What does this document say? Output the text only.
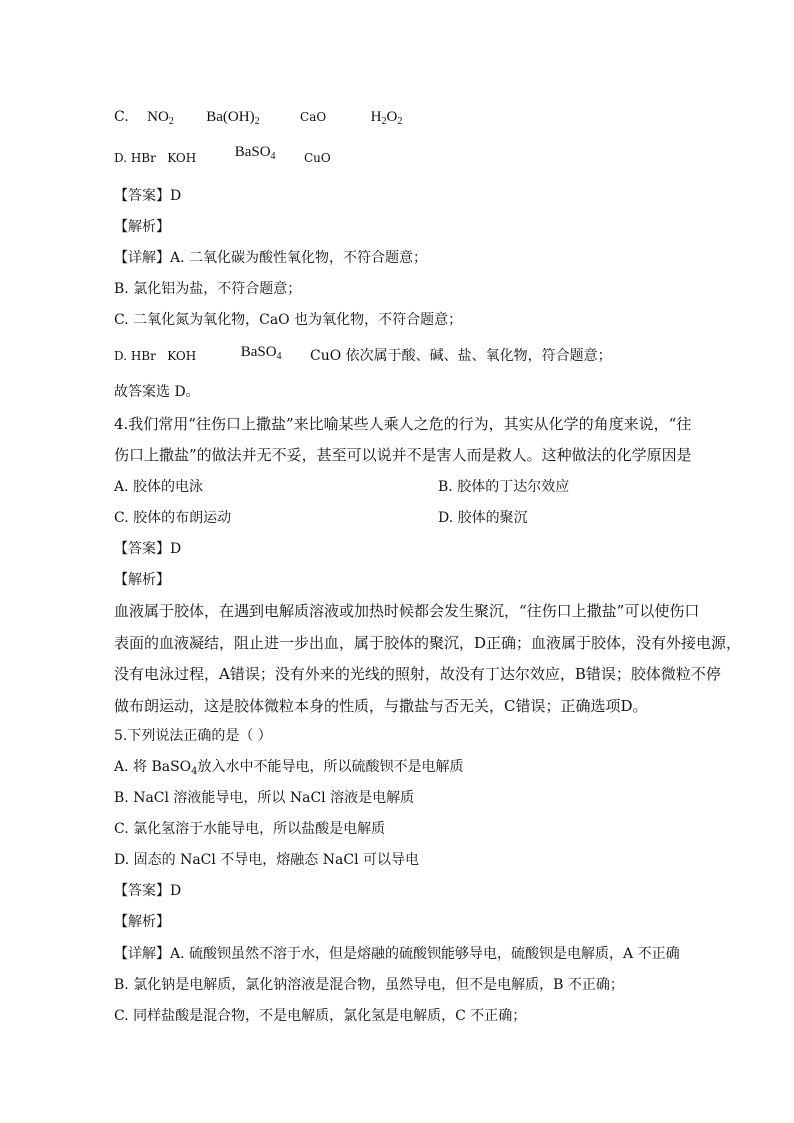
C. $NO_2$ $Ba(OH)_2$	CaO	$H_2O_2$
D. HBr   KOH	BaSO$_4$ CuO
【答案】D
【解析】
【详解】A. 二氧化碳为酸性氧化物，不符合题意；
B. 氯化铝为盐，不符合题意；
C. 二氧化氮为氧化物，CaO 也为氧化物，不符合题意；
D. HBr   KOH	BaSO$_4$ CuO 依次属于酸、碱、盐、氧化物，符合题意；
故答案选 D。
4.我们常用“往伤口上撒盐”来比喻某些人乘人之危的行为，其实从化学的角度来说，“往
伤口上撒盐”的做法并无不妥，甚至可以说并不是害人而是救人。这种做法的化学原因是
A. 胶体的电泳	B. 胶体的丁达尔效应
C. 胶体的布朗运动	D. 胶体的聚沉
【答案】D
【解析】
血液属于胶体，在遇到电解质溶液或加热时候都会发生聚沉，“往伤口上撒盐”可以使伤口
表面的血液凝结，阻止进一步出血，属于胶体的聚沉，D正确；血液属于胶体，没有外接电源，
没有电泳过程，A错误；没有外来的光线的照射，故没有丁达尔效应，B错误；胶体微粒不停
做布朗运动，这是胶体微粒本身的性质，与撒盐与否无关，C错误；正确选项D。
5.下列说法正确的是（ ）
A. 将 BaSO$_4$放入水中不能导电，所以硫酸钡不是电解质
B. NaCl 溶液能导电，所以 NaCl 溶液是电解质
C. 氯化氢溶于水能导电，所以盐酸是电解质
D. 固态的 NaCl 不导电，熔融态 NaCl 可以导电
【答案】D
【解析】
【详解】A. 硫酸钡虽然不溶于水，但是熔融的硫酸钡能够导电，硫酸钡是电解质，A 不正确
B. 氯化钠是电解质，氯化钠溶液是混合物，虽然导电，但不是电解质，B 不正确；
C. 同样盐酸是混合物，不是电解质，氯化氢是电解质，C 不正确；
